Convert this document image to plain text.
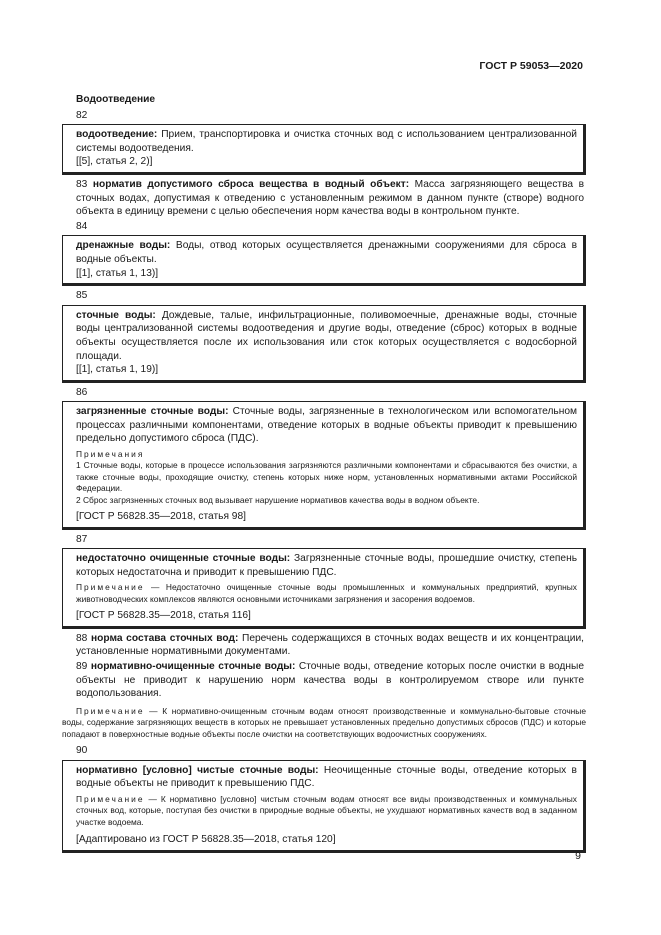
ГОСТ Р 59053—2020
Водоотведение
82

водоотведение: Прием, транспортировка и очистка сточных вод с использованием централизованной системы водоотведения.

[[5], статья 2, 2)]

83 норматив допустимого сброса вещества в водный объект: Масса загрязняющего вещества в сточных водах, допустимая к отведению с установленным режимом в данном пункте (створе) водного объекта в единицу времени с целью обеспечения норм качества воды в контрольном пункте.

84

дренажные воды: Воды, отвод которых осуществляется дренажными сооружениями для сброса в водные объекты.

[[1], статья 1, 13)]

85

сточные воды: Дождевые, талые, инфильтрационные, поливомоечные, дренажные воды, сточные воды централизованной системы водоотведения и другие воды, отведение (сброс) которых в водные объекты осуществляется после их использования или сток которых осуществляется с водосборной площади.

[[1], статья 1, 19)]

86

загрязненные сточные воды: Сточные воды, загрязненные в технологическом или вспомогательном процессах различными компонентами, отведение которых в водные объекты приводит к превышению предельно допустимого сброса (ПДС).

Примечания
1 Сточные воды, которые в процессе использования загрязняются различными компонентами и сбрасываются без очистки, а также сточные воды, проходящие очистку, степень которых ниже норм, установленных нормативными актами Российской Федерации.
2 Сброс загрязненных сточных вод вызывает нарушение нормативов качества воды в водном объекте.

[ГОСТ Р 56828.35—2018, статья 98]

87

недостаточно очищенные сточные воды: Загрязненные сточные воды, прошедшие очистку, степень которых недостаточна и приводит к превышению ПДС.

Примечание — Недостаточно очищенные сточные воды промышленных и коммунальных предприятий, крупных животноводческих комплексов являются основными источниками загрязнения и засорения водоемов.

[ГОСТ Р 56828.35—2018, статья 116]

88 норма состава сточных вод: Перечень содержащихся в сточных водах веществ и их концентрации, установленные нормативными документами.

89 нормативно-очищенные сточные воды: Сточные воды, отведение которых после очистки в водные объекты не приводит к нарушению норм качества воды в контролируемом створе или пункте водопользования.

Примечание — К нормативно-очищенным сточным водам относят производственные и коммунально-бытовые сточные воды, содержание загрязняющих веществ в которых не превышает установленных предельно допустимых сбросов (ПДС) и которые попадают в поверхностные водные объекты после очистки на соответствующих водоочистных сооружениях.
90

нормативно [условно] чистые сточные воды: Неочищенные сточные воды, отведение которых в водные объекты не приводит к превышению ПДС.

Примечание — К нормативно [условно] чистым сточным водам относят все виды производственных и коммунальных сточных вод, которые, поступая без очистки в природные водные объекты, не ухудшают нормативных качеств вод в заданном участке водоема.

[Адаптировано из ГОСТ Р 56828.35—2018, статья 120]

9
